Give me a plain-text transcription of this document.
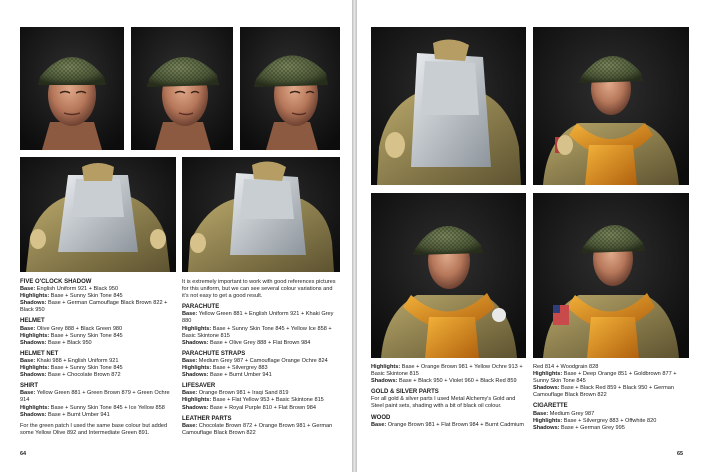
FIVE O'CLOCK SHADOW

Base: English Uniform 921 + Black 950

Highlights: Base + Sunny Skin Tone 845

Shadows: Base + German Camouflage Black Brown 822 + Black 950

HELMET

Base: Olive Grey 888 + Black Green 980

Highlights: Base + Sunny Skin Tone 845

Shadows: Base + Black 950

HELMET NET

Base: Khaki 988 + English Uniform 921

Highlights: Base + Sunny Skin Tone 845

Shadows: Base + Chocolate Brown 872

SHIRT

Base: Yellow Green 881 + Green Brown 879 + Green Ochre 914

Highlights: Base + Sunny Skin Tone 845 + Ice Yellow 858

Shadows: Base + Burnt Umber 941

For the green patch I used the same base colour but added some Yellow Olive 892 and Intermediate Green 891.

It is extremely important to work with good references pictures for this uniform, but we can see several colour variations and it's not easy to get a good result.

PARACHUTE

Base: Yellow Green 881 + English Uniform 921 + Khaki Grey 880

Highlights: Base + Sunny Skin Tone 845 + Yellow Ice 858 + Basic Skintone 815

Shadows: Base + Olive Grey 888 + Flat Brown 984

PARACHUTE STRAPS

Base: Medium Grey 987 + Camouflage Orange Ochre 824

Highlights: Base + Silvergrey 883

Shadows: Base + Burnt Umber 941

LIFESAVER

Base: Orange Brown 981 + Iraqi Sand 819

Highlights: Base + Flat Yellow 953 + Basic Skintone 815

Shadows: Base + Royal Purple 810 + Flat Brown 984

LEATHER PARTS

Base: Chocolate Brown 872 + Orange Brown 981 + German Camouflage Black Brown 822

64

Highlights: Base + Orange Brown 981 + Yellow Ochre 913 + Basic Skintone 815

Shadows: Base + Black 950 + Violet 960 + Black Red 859

GOLD & SILVER PARTS

For all gold & silver parts I used Metal Alchemy's Gold and Steel paint sets, shading with a bit of black oil colour.

WOOD

Base: Orange Brown 981 + Flat Brown 984 + Burnt Cadmium

Red 814 + Woodgrain 828

Highlights: Base + Deep Orange 851 + Goldbrown 877 + Sunny Skin Tone 845

Shadows: Base + Black Red 859 + Black 950 + German Camouflage Black Brown 822

CIGARETTE

Base: Medium Grey 987

Highlights: Base + Silvergrey 883 + Offwhite 820

Shadows: Base + German Grey 995

65
